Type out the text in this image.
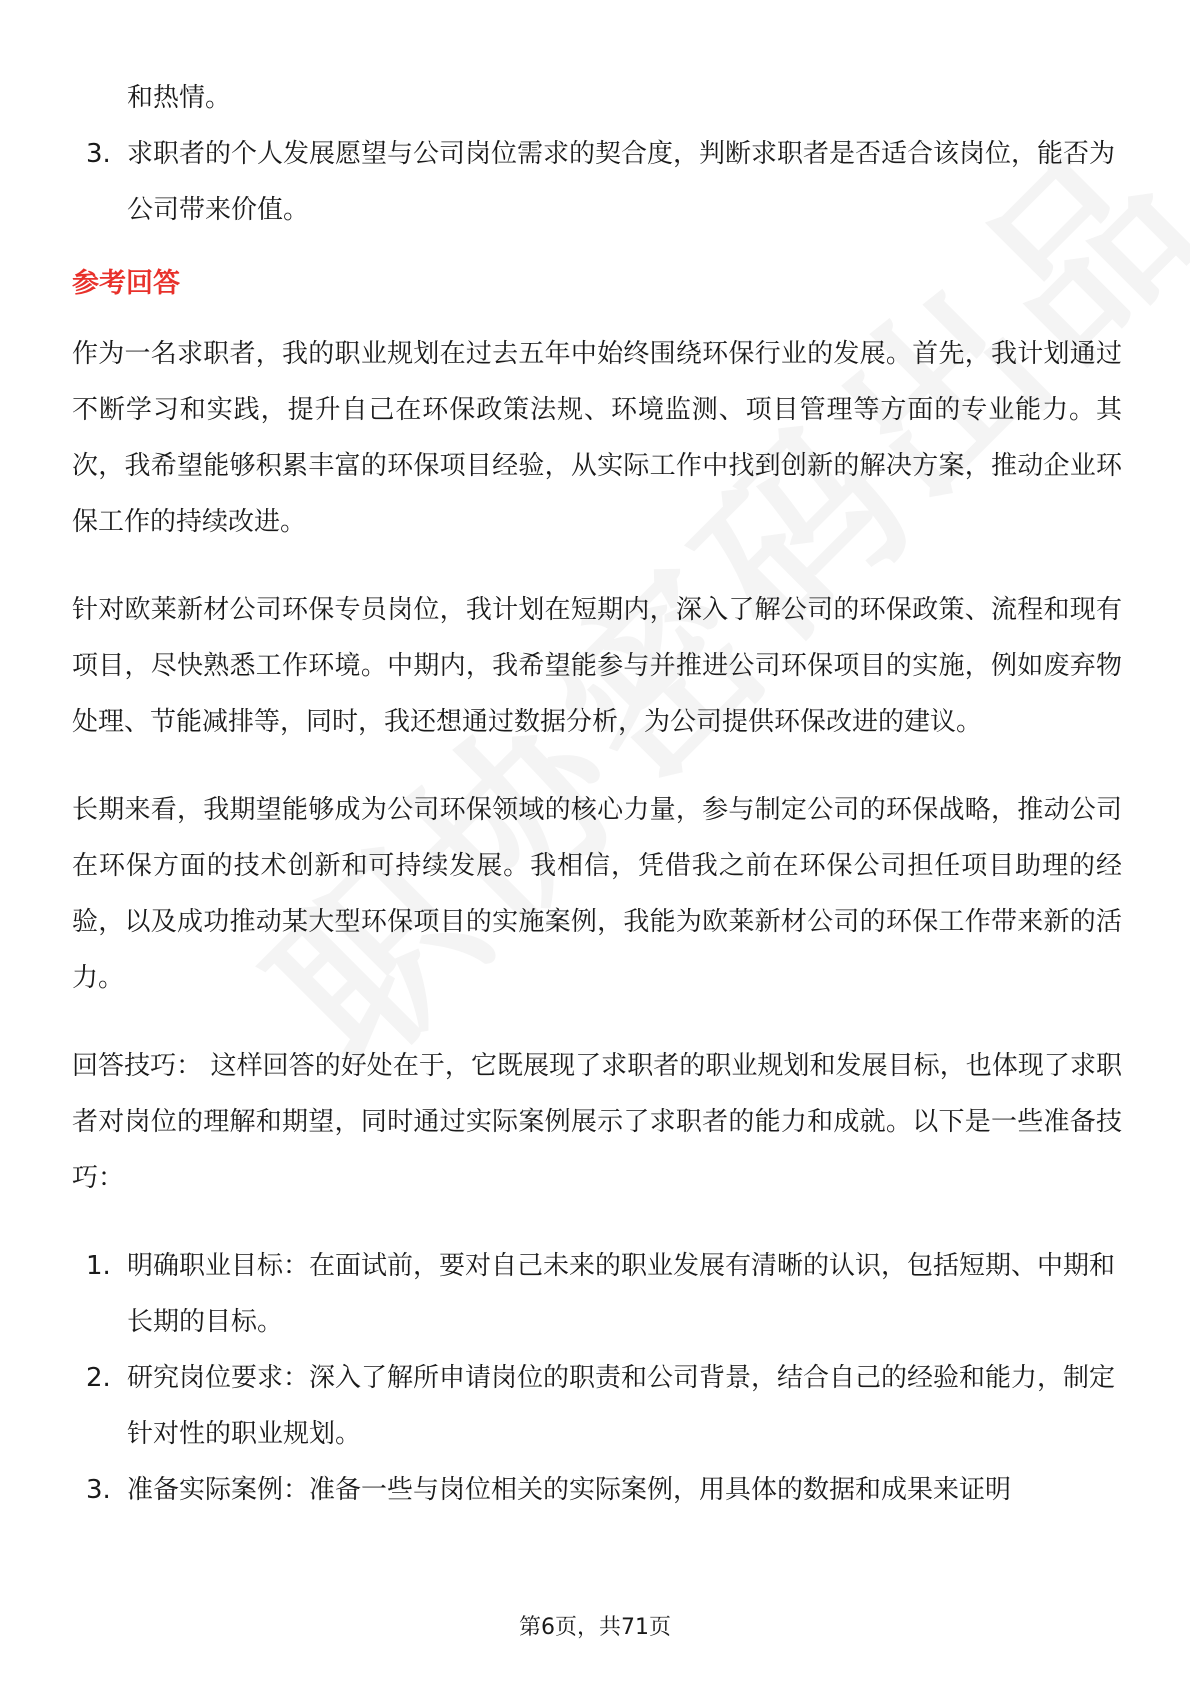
和热情。
3. 求职者的个人发展愿望与公司岗位需求的契合度，判断求职者是否适合该岗位，能否为公司带来价值。
参考回答

作为一名求职者，我的职业规划在过去五年中始终围绕环保行业的发展。首先，我计划通过不断学习和实践，提升自己在环保政策法规、环境监测、项目管理等方面的专业能力。其次，我希望能够积累丰富的环保项目经验，从实际工作中找到创新的解决方案，推动企业环保工作的持续改进。

针对欧莱新材公司环保专员岗位，我计划在短期内，深入了解公司的环保政策、流程和现有项目，尽快熟悉工作环境。中期内，我希望能参与并推进公司环保项目的实施，例如废弃物处理、节能减排等，同时，我还想通过数据分析，为公司提供环保改进的建议。

长期来看，我期望能够成为公司环保领域的核心力量，参与制定公司的环保战略，推动公司在环保方面的技术创新和可持续发展。我相信，凭借我之前在环保公司担任项目助理的经验，以及成功推动某大型环保项目的实施案例，我能为欧莱新材公司的环保工作带来新的活力。

回答技巧： 这样回答的好处在于，它既展现了求职者的职业规划和发展目标，也体现了求职者对岗位的理解和期望，同时通过实际案例展示了求职者的能力和成就。以下是一些准备技巧：

1. 明确职业目标：在面试前，要对自己未来的职业发展有清晰的认识，包括短期、中期和长期的目标。
2. 研究岗位要求：深入了解所申请岗位的职责和公司背景，结合自己的经验和能力，制定针对性的职业规划。
3. 准备实际案例：准备一些与岗位相关的实际案例，用具体的数据和成果来证明
第6页，共71页
